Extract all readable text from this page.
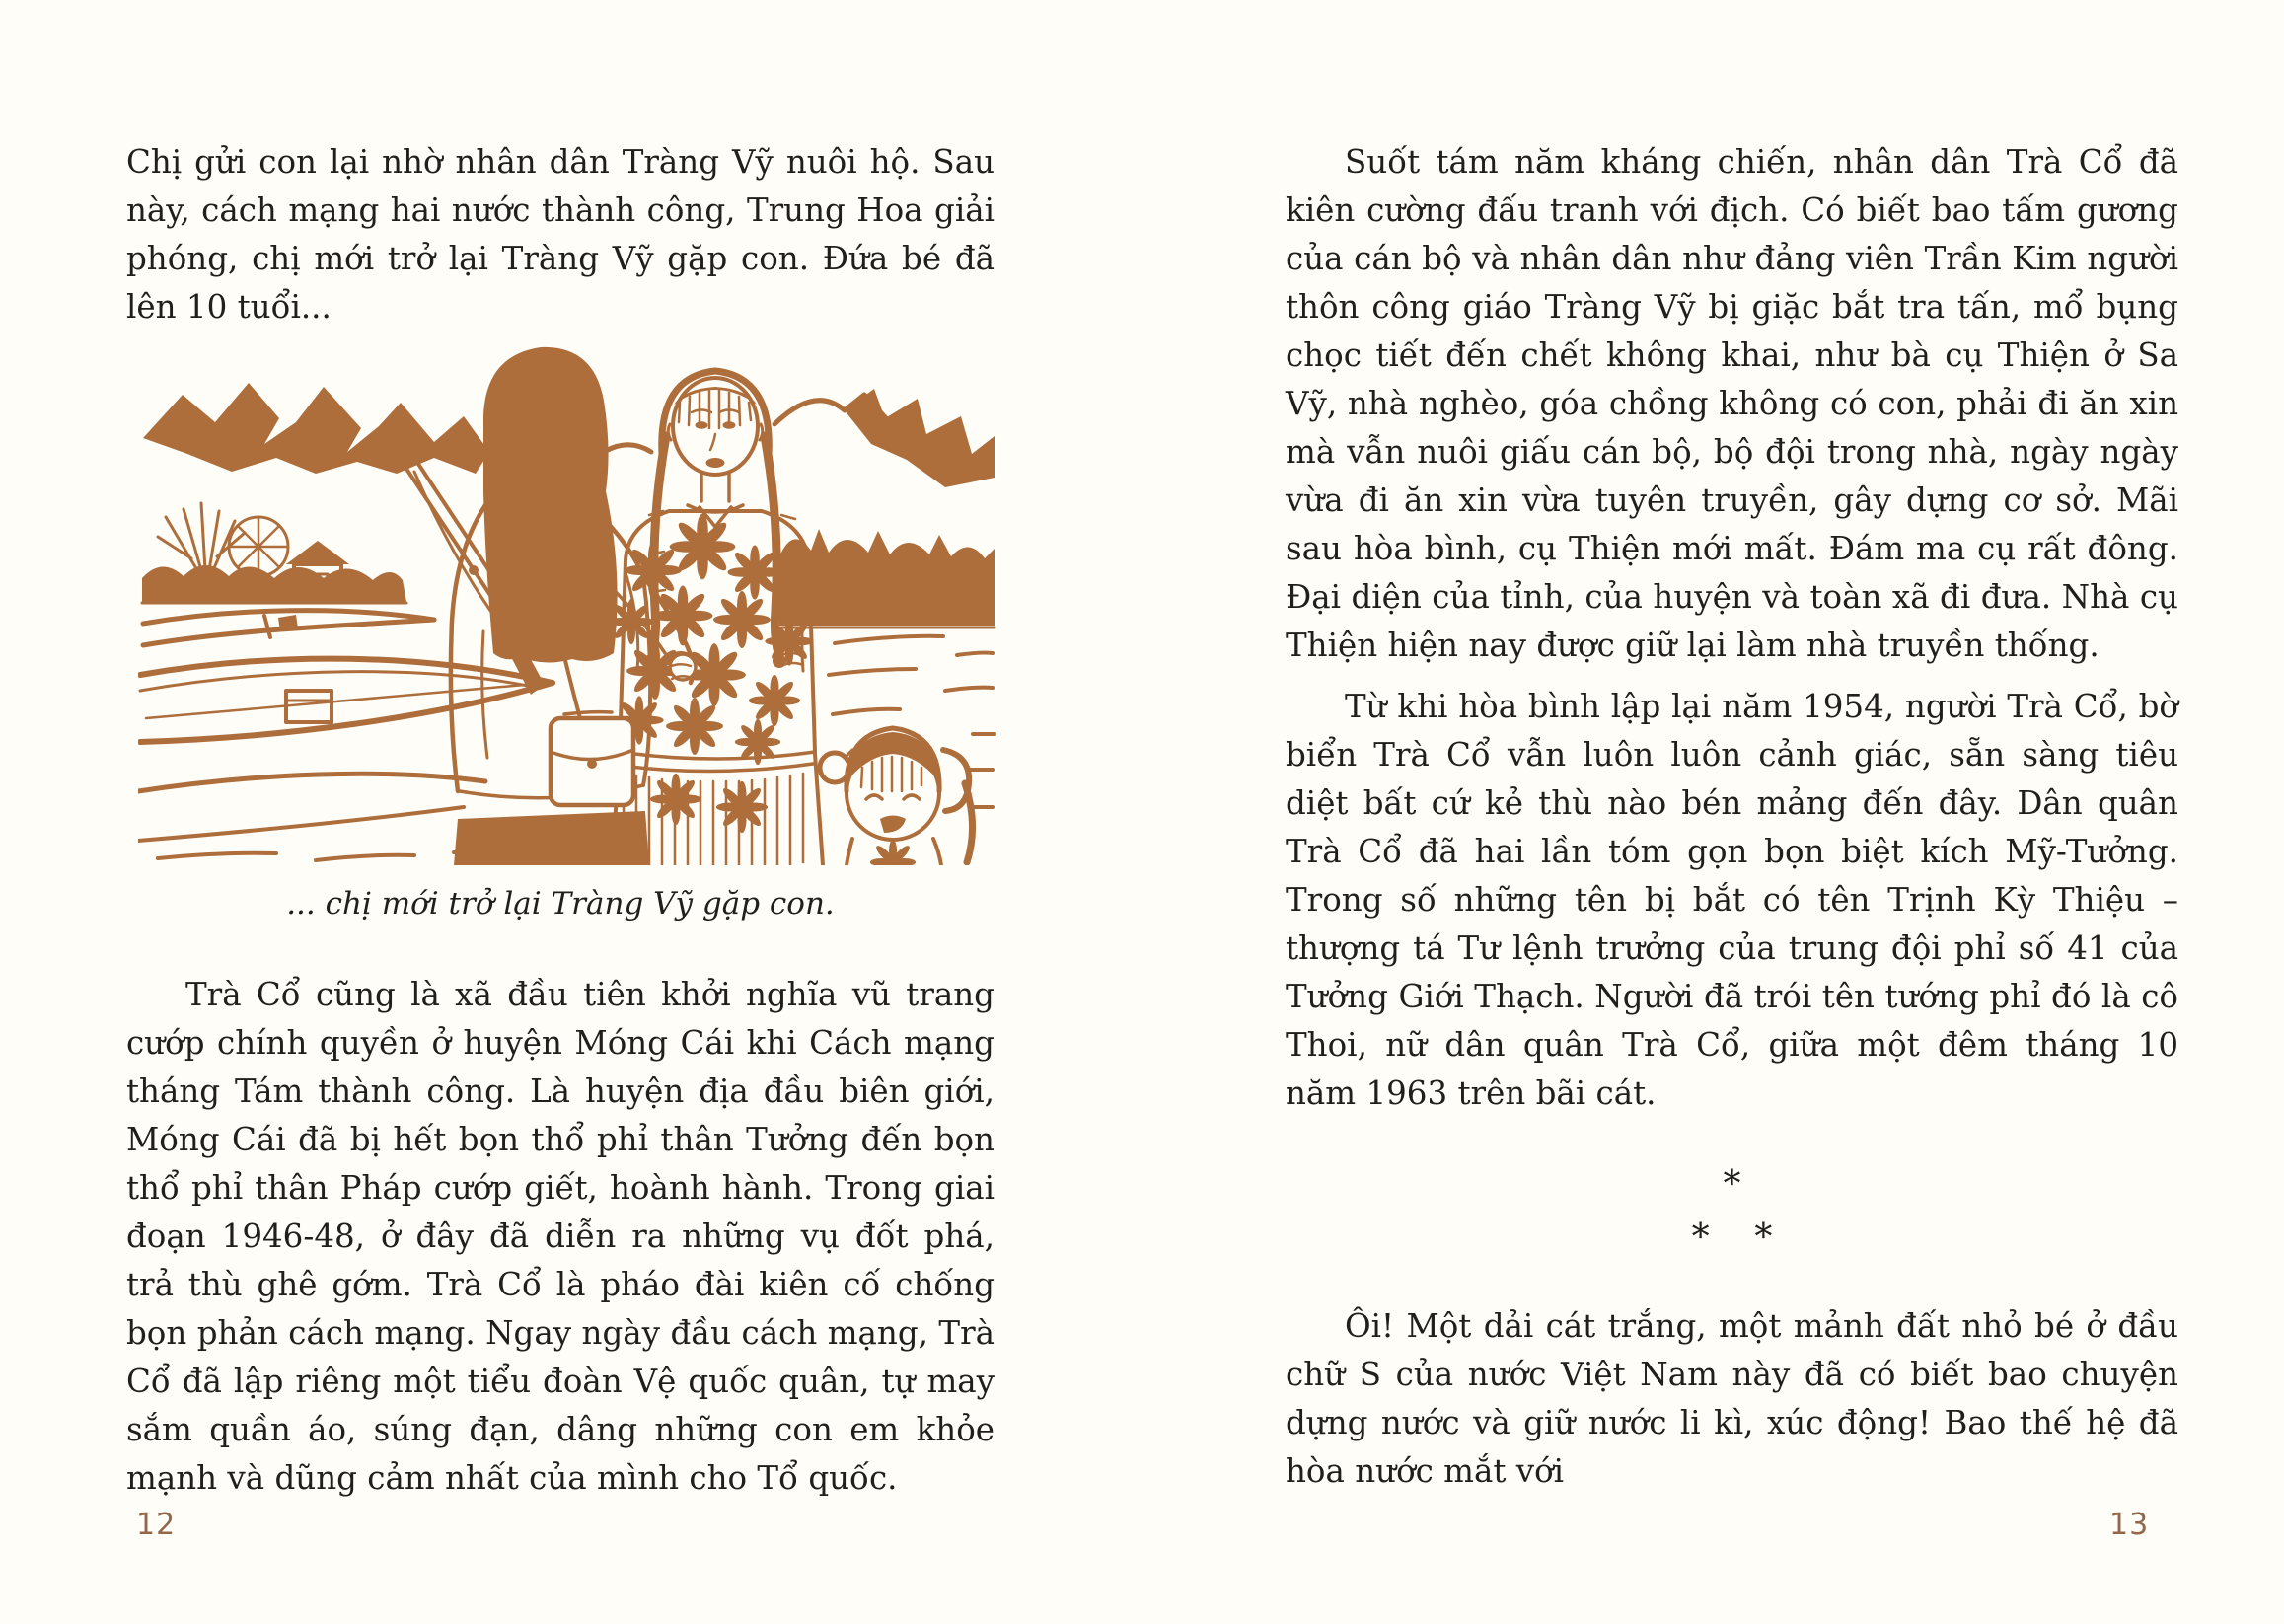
Chị gửi con lại nhờ nhân dân Tràng Vỹ nuôi hộ. Sau này, cách mạng hai nước thành công, Trung Hoa giải phóng, chị mới trở lại Tràng Vỹ gặp con. Đứa bé đã lên 10 tuổi...

... chị mới trở lại Tràng Vỹ gặp con.

Trà Cổ cũng là xã đầu tiên khởi nghĩa vũ trang cướp chính quyền ở huyện Móng Cái khi Cách mạng tháng Tám thành công. Là huyện địa đầu biên giới, Móng Cái đã bị hết bọn thổ phỉ thân Tưởng đến bọn thổ phỉ thân Pháp cướp giết, hoành hành. Trong giai đoạn 1946-48, ở đây đã diễn ra những vụ đốt phá, trả thù ghê gớm. Trà Cổ là pháo đài kiên cố chống bọn phản cách mạng. Ngay ngày đầu cách mạng, Trà Cổ đã lập riêng một tiểu đoàn Vệ quốc quân, tự may sắm quần áo, súng đạn, dâng những con em khỏe mạnh và dũng cảm nhất của mình cho Tổ quốc.

12

Suốt tám năm kháng chiến, nhân dân Trà Cổ đã kiên cường đấu tranh với địch. Có biết bao tấm gương của cán bộ và nhân dân như đảng viên Trần Kim người thôn công giáo Tràng Vỹ bị giặc bắt tra tấn, mổ bụng chọc tiết đến chết không khai, như bà cụ Thiện ở Sa Vỹ, nhà nghèo, góa chồng không có con, phải đi ăn xin mà vẫn nuôi giấu cán bộ, bộ đội trong nhà, ngày ngày vừa đi ăn xin vừa tuyên truyền, gây dựng cơ sở. Mãi sau hòa bình, cụ Thiện mới mất. Đám ma cụ rất đông. Đại diện của tỉnh, của huyện và toàn xã đi đưa. Nhà cụ Thiện hiện nay được giữ lại làm nhà truyền thống.

Từ khi hòa bình lập lại năm 1954, người Trà Cổ, bờ biển Trà Cổ vẫn luôn luôn cảnh giác, sẵn sàng tiêu diệt bất cứ kẻ thù nào bén mảng đến đây. Dân quân Trà Cổ đã hai lần tóm gọn bọn biệt kích Mỹ-Tưởng. Trong số những tên bị bắt có tên Trịnh Kỳ Thiệu – thượng tá Tư lệnh trưởng của trung đội phỉ số 41 của Tưởng Giới Thạch. Người đã trói tên tướng phỉ đó là cô Thoi, nữ dân quân Trà Cổ, giữa một đêm tháng 10 năm 1963 trên bãi cát.

*
*    *

Ôi! Một dải cát trắng, một mảnh đất nhỏ bé ở đầu chữ S của nước Việt Nam này đã có biết bao chuyện dựng nước và giữ nước li kì, xúc động! Bao thế hệ đã hòa nước mắt với

13
